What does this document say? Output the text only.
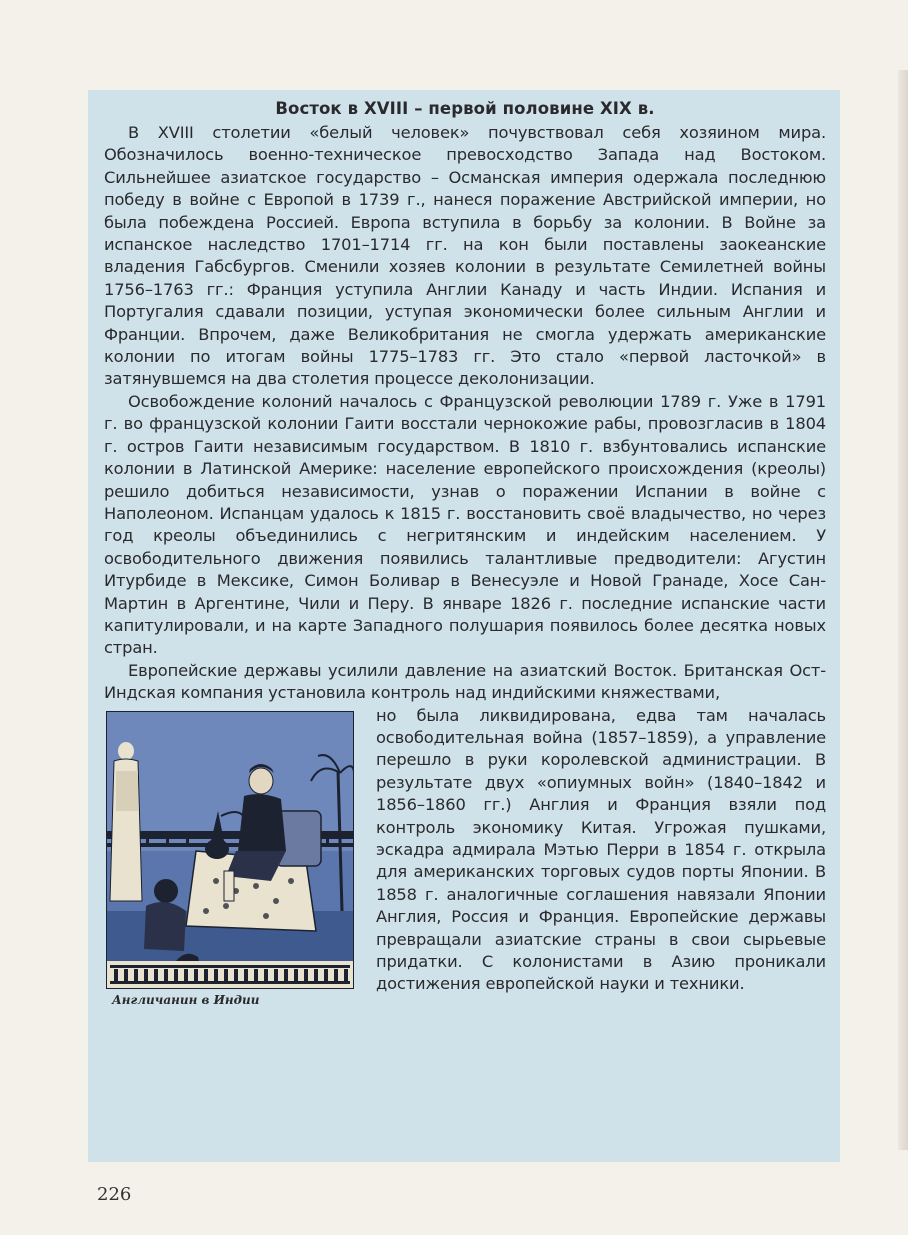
Восток в XVIII – первой половине XIX в.

В XVIII столетии «белый человек» почувствовал себя хозяином мира. Обозначилось военно-техническое превосходство Запада над Востоком. Сильнейшее азиатское государство – Османская империя одержала последнюю победу в войне с Европой в 1739 г., нанеся поражение Австрийской империи, но была побеждена Россией. Европа вступила в борьбу за колонии. В Войне за испанское наследство 1701–1714 гг. на кон были поставлены заокеанские владения Габсбургов. Сменили хозяев колонии в результате Семилетней войны 1756–1763 гг.: Франция уступила Англии Канаду и часть Индии. Испания и Португалия сдавали позиции, уступая экономически более сильным Англии и Франции. Впрочем, даже Великобритания не смогла удержать американские колонии по итогам войны 1775–1783 гг. Это стало «первой ласточкой» в затянувшемся на два столетия процессе деколонизации.

Освобождение колоний началось с Французской революции 1789 г. Уже в 1791 г. во французской колонии Гаити восстали чернокожие рабы, провозгласив в 1804 г. остров Гаити независимым государством. В 1810 г. взбунтовались испанские колонии в Латинской Америке: население европейского происхождения (креолы) решило добиться независимости, узнав о поражении Испании в войне с Наполеоном. Испанцам удалось к 1815 г. восстановить своё владычество, но через год креолы объединились с негритянским и индейским населением. У освободительного движения появились талантливые предводители: Агустин Итурбиде в Мексике, Симон Боливар в Венесуэле и Новой Гранаде, Хосе Сан-Мартин в Аргентине, Чили и Перу. В январе 1826 г. последние испанские части капитулировали, и на карте Западного полушария появилось более десятка новых стран.

Европейские державы усилили давление на азиатский Восток. Британская Ост-Индская компания установила контроль над индийскими княжествами,

Англичанин в Индии

но была ликвидирована, едва там началась освободительная война (1857–1859), а управление перешло в руки королевской администрации. В результате двух «опиумных войн» (1840–1842 и 1856–1860 гг.) Англия и Франция взяли под контроль экономику Китая. Угрожая пушками, эскадра адмирала Мэтью Перри в 1854 г. открыла для американских торговых судов порты Японии. В 1858 г. аналогичные соглашения навязали Японии Англия, Россия и Франция. Европейские державы превращали азиатские страны в свои сырьевые придатки. С колонистами в Азию проникали достижения европейской науки и техники.

226
